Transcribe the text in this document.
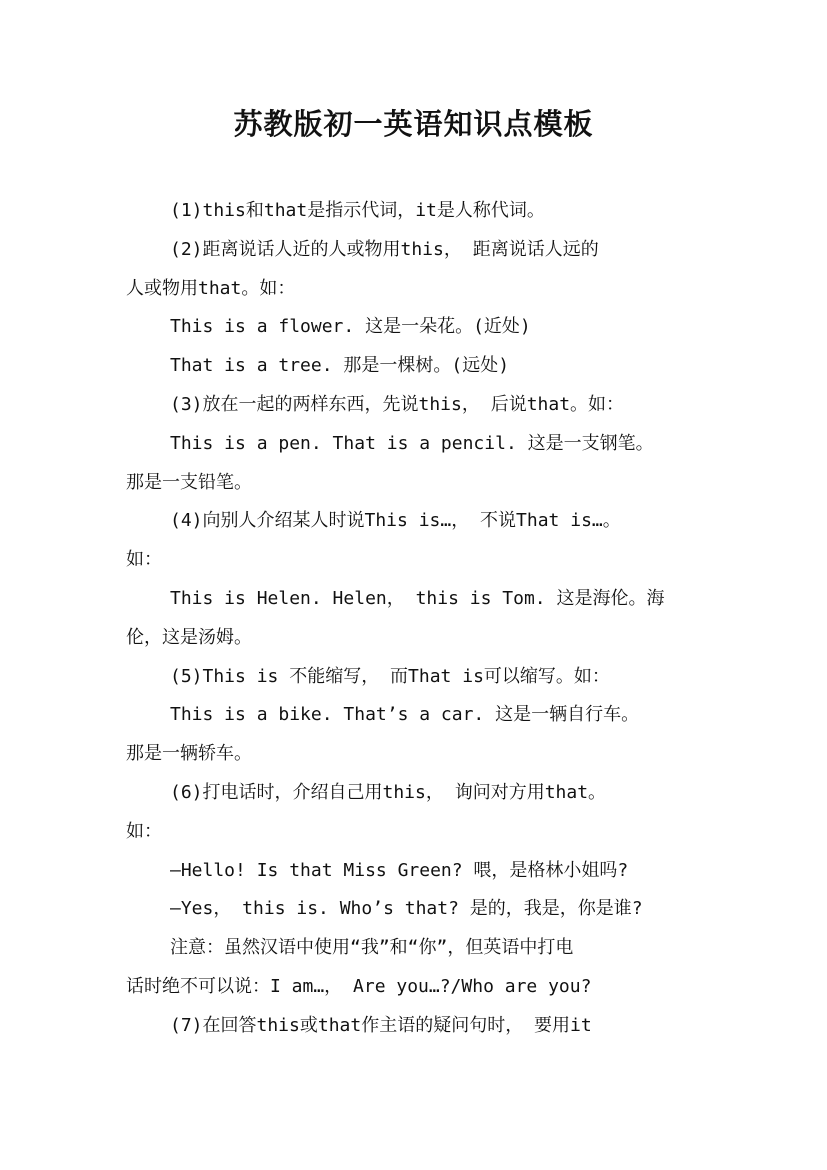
苏教版初一英语知识点模板
(1)this和that是指示代词，it是人称代词。
(2)距离说话人近的人或物用this， 距离说话人远的
人或物用that。如：
This is a flower. 这是一朵花。(近处)
That is a tree. 那是一棵树。(远处)
(3)放在一起的两样东西，先说this， 后说that。如：
This is a pen. That is a pencil. 这是一支钢笔。
那是一支铅笔。
(4)向别人介绍某人时说This is…， 不说That is…。
如：
This is Helen. Helen， this is Tom. 这是海伦。海
伦，这是汤姆。
(5)This is 不能缩写， 而That is可以缩写。如：
This is a bike. That’s a car. 这是一辆自行车。
那是一辆轿车。
(6)打电话时，介绍自己用this， 询问对方用that。
如：
—Hello! Is that Miss Green? 喂，是格林小姐吗?
—Yes， this is. Who’s that? 是的，我是，你是谁?
注意：虽然汉语中使用“我”和“你”，但英语中打电
话时绝不可以说：I am…， Are you…?/Who are you?
(7)在回答this或that作主语的疑问句时， 要用it
